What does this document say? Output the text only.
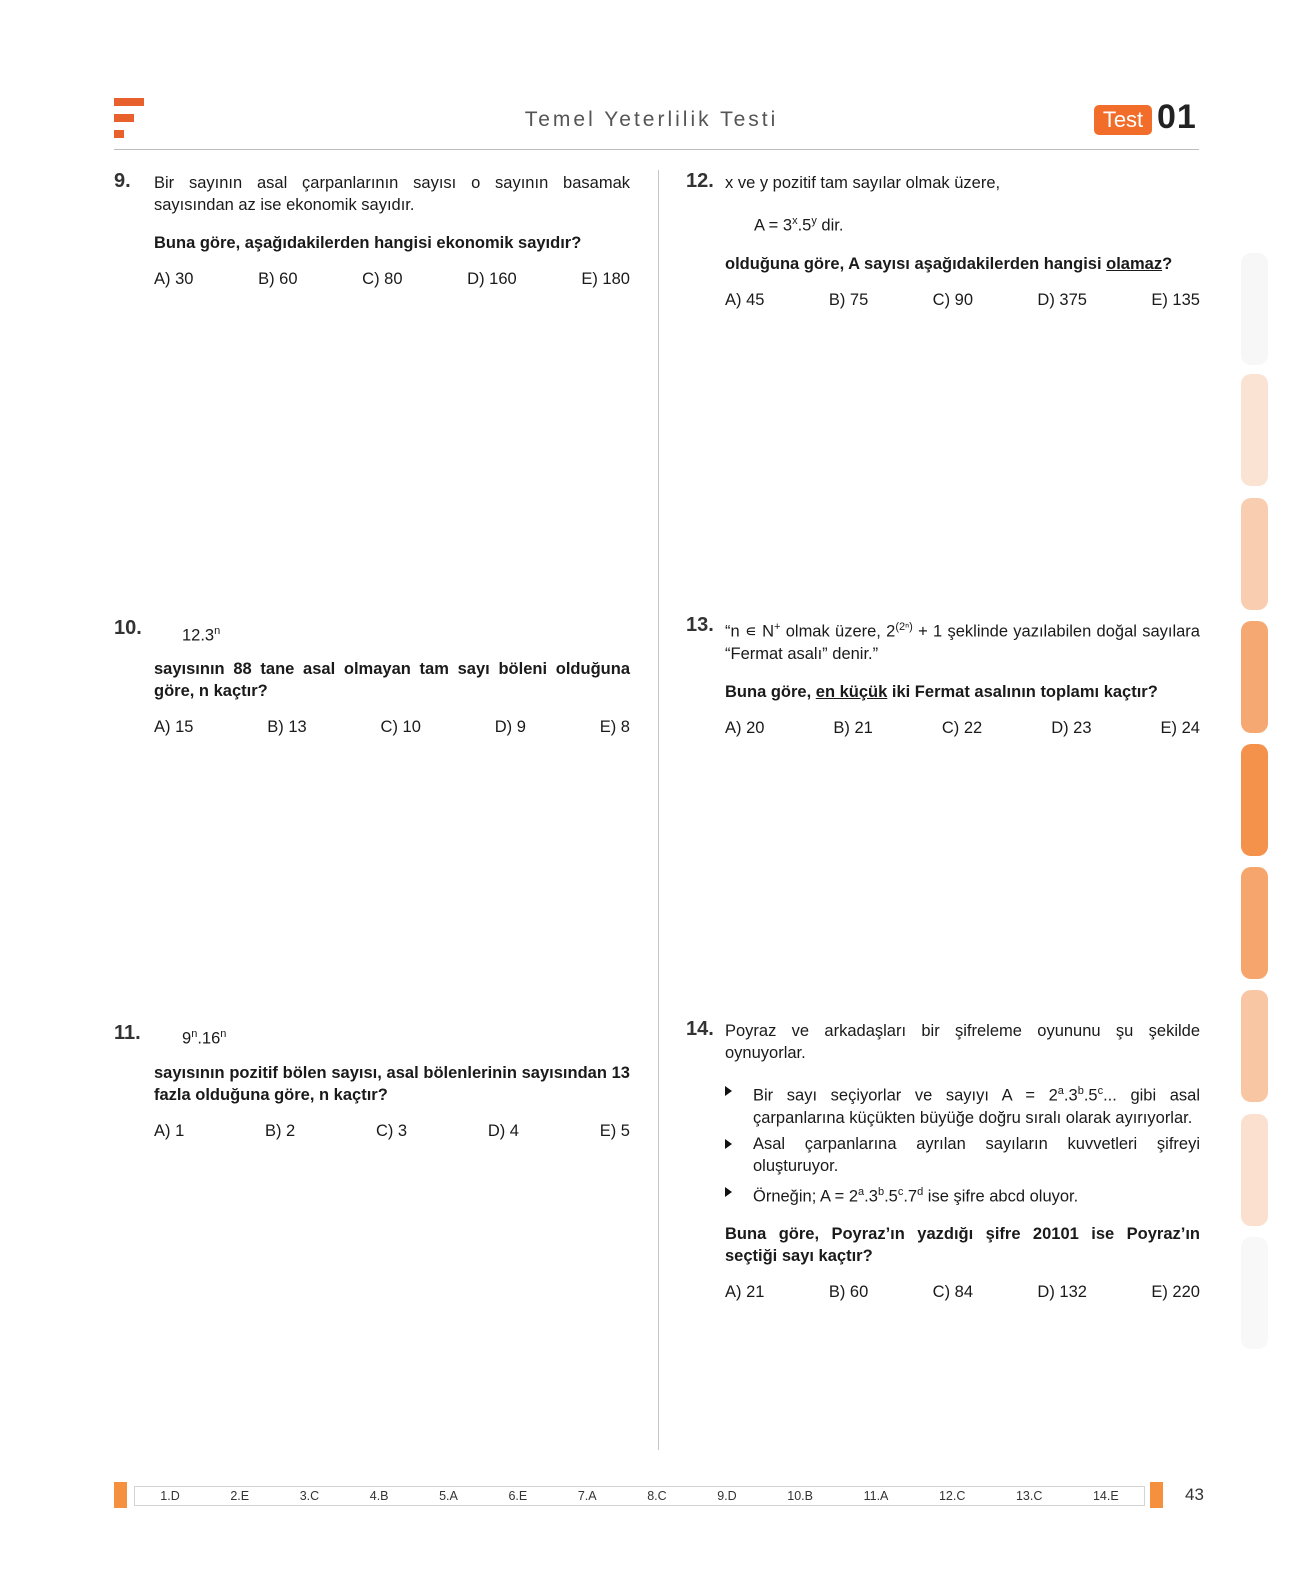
Temel Yeterlilik Testi	Test 01
9. Bir sayının asal çarpanlarının sayısı o sayının basamak sayısından az ise ekonomik sayıdır.
Buna göre, aşağıdakilerden hangisi ekonomik sayıdır?
A) 30	B) 60	C) 80	D) 160	E) 180
10. 12.3$^n$
sayısının 88 tane asal olmayan tam sayı böleni olduğuna göre, n kaçtır?
A) 15	B) 13	C) 10	D) 9	E) 8
11.	9$^n$.16$^n$
sayısının pozitif bölen sayısı, asal bölenlerinin sayısından 13 fazla olduğuna göre, n kaçtır?
A) 1	B) 2	C) 3	D) 4	E) 5
12. x ve y pozitif tam sayılar olmak üzere,
$A = 3^x.5^y$ dir.
olduğuna göre, A sayısı aşağıdakilerden hangisi olamaz?
A) 45	B) 75	C) 90	D) 375	E) 135
13. “n ∊ N+ olmak üzere, $2^{(2^n)} + 1$ şeklinde yazılabilen doğal sayılara “Fermat asalı” denir.”
Buna göre, en küçük iki Fermat asalının toplamı kaçtır?
A) 20	B) 21	C) 22	D) 23	E) 24
14. Poyraz ve arkadaşları bir şifreleme oyununu şu şekilde oynuyorlar.
Bir sayı seçiyorlar ve sayıyı $A = 2^a.3^b.5^c$... gibi asal çarpanlarına küçükten büyüğe doğru sıralı olarak ayırıyorlar.
Asal çarpanlarına ayrılan sayıların kuvvetleri şifreyi oluşturuyor.
Örneğin; $A = 2^a.3^b.5^c.7^d$ ise şifre abcd oluyor.
Buna göre, Poyraz’ın yazdığı şifre 20101 ise Poyraz’ın seçtiği sayı kaçtır?
A) 21	B) 60	C) 84	D) 132	E) 220
1.D	2.E	3.C	4.B	5.A	6.E	7.A	8.C	9.D	10.B	11.A	12.C	13.C	14.E	43
